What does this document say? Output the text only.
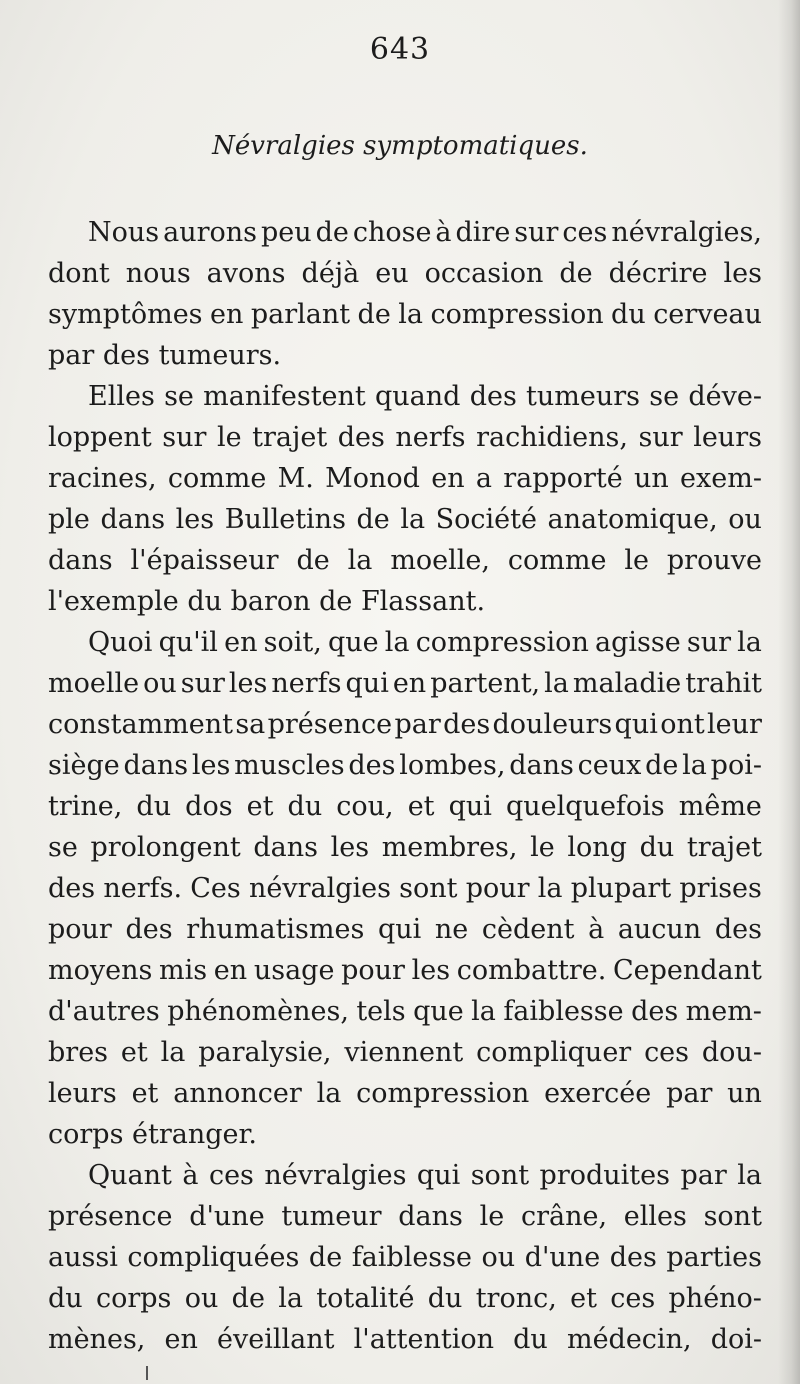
643
Névralgies symptomatiques.
Nous aurons peu de chose à dire sur ces névralgies,
dont nous avons déjà eu occasion de décrire les
symptômes en parlant de la compression du cerveau
par des tumeurs.
Elles se manifestent quand des tumeurs se déve-
loppent sur le trajet des nerfs rachidiens, sur leurs
racines, comme M. Monod en a rapporté un exem-
ple dans les Bulletins de la Société anatomique, ou
dans l'épaisseur de la moelle, comme le prouve
l'exemple du baron de Flassant.
Quoi qu'il en soit, que la compression agisse sur la
moelle ou sur les nerfs qui en partent, la maladie trahit
constamment sa présence par des douleurs qui ont leur
siège dans les muscles des lombes, dans ceux de la poi-
trine, du dos et du cou, et qui quelquefois même
se prolongent dans les membres, le long du trajet
des nerfs. Ces névralgies sont pour la plupart prises
pour des rhumatismes qui ne cèdent à aucun des
moyens mis en usage pour les combattre. Cependant
d'autres phénomènes, tels que la faiblesse des mem-
bres et la paralysie, viennent compliquer ces dou-
leurs et annoncer la compression exercée par un
corps étranger.
Quant à ces névralgies qui sont produites par la
présence d'une tumeur dans le crâne, elles sont
aussi compliquées de faiblesse ou d'une des parties
du corps ou de la totalité du tronc, et ces phéno-
mènes, en éveillant l'attention du médecin, doi-
